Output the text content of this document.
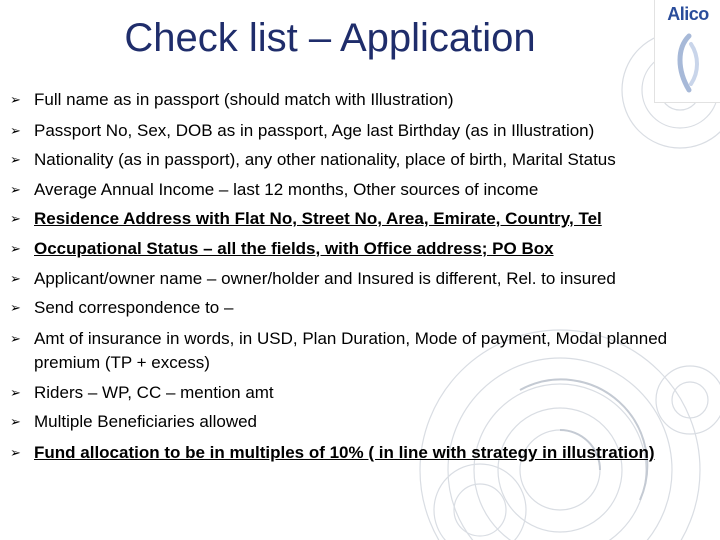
Check list – Application
Alico
➢ Full name as in passport (should match with Illustration)
➢ Passport No, Sex, DOB as in passport, Age last Birthday (as in Illustration)
➢ Nationality (as in passport), any other nationality, place of birth, Marital Status
➢ Average Annual Income – last 12 months, Other sources of income
➢ Residence Address with Flat No, Street No, Area, Emirate, Country, Tel
➢ Occupational Status – all the fields, with Office address; PO Box
➢ Applicant/owner name – owner/holder and Insured is different, Rel. to insured
➢ Send correspondence to –
➢ Amt of insurance in words, in USD, Plan Duration, Mode of payment, Modal planned premium (TP + excess)
➢ Riders – WP, CC – mention amt
➢ Multiple Beneficiaries allowed
➢ Fund allocation to be in multiples of 10% ( in line with strategy in illustration)
